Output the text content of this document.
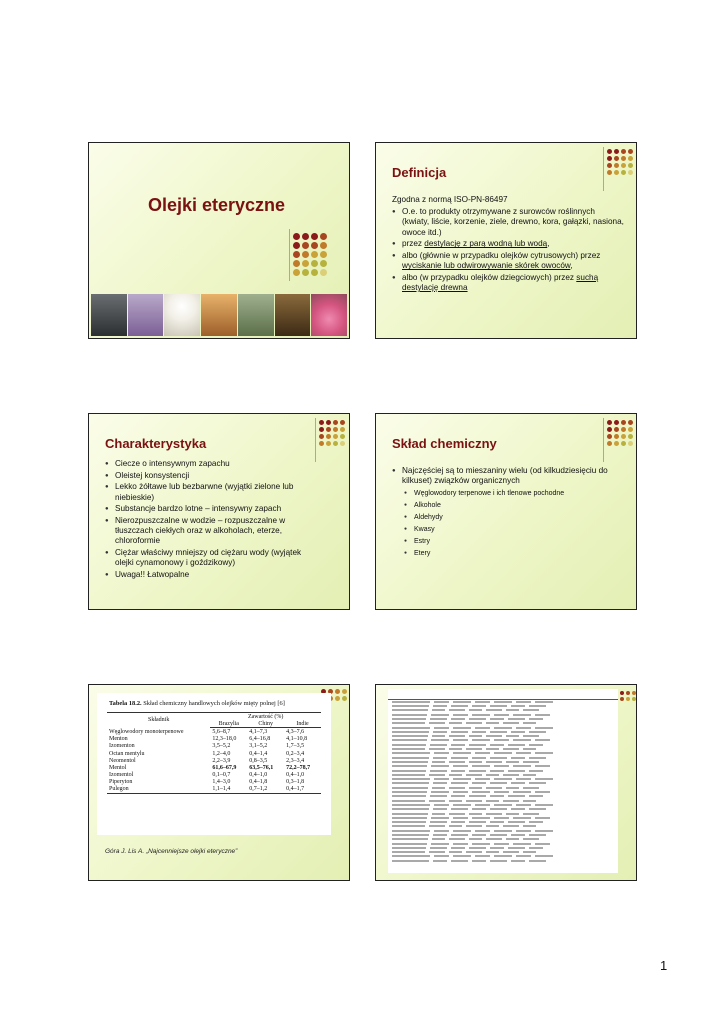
Olejki eteryczne
Definicja
Zgodna z normą ISO-PN-86497
● O.e. to produkty otrzymywane z surowców roślinnych (kwiaty, liście, korzenie, ziele, drewno, kora, gałązki, nasiona, owoce itd.)
● przez destylację z parą wodną lub wodą,
● albo (głównie w przypadku olejków cytrusowych) przez wyciskanie lub odwirowywanie skórek owoców,
● albo (w przypadku olejków dziegciowych) przez suchą destylację drewna
Charakterystyka
● Ciecze o intensywnym zapachu
● Oleistej konsystencji
● Lekko żółtawe lub bezbarwne (wyjątki zielone lub niebieskie)
● Substancje bardzo lotne – intensywny zapach
● Nierozpuszczalne w wodzie – rozpuszczalne w tłuszczach ciekłych oraz w alkoholach, eterze, chloroformie
● Ciężar właściwy mniejszy od ciężaru wody (wyjątek olejki cynamonowy i goździkowy)
● Uwaga!! Łatwopalne
Skład chemiczny
● Najczęściej są to mieszaniny wielu (od kilkudziesięciu do kilkuset) związków organicznych
● Węglowodory terpenowe i ich tlenowe pochodne
● Alkohole
● Aldehydy
● Kwasy
● Estry
● Etery
Tabela 18.2. Skład chemiczny handlowych olejków mięty polnej [6]
Składnik	Zawartość (%)		
	Brazylia	Chiny	Indie
Węglowodory monoterpenowe	5,6–8,7	4,1–7,3	4,3–7,6
Menton	12,3–18,0	6,4–16,8	4,1–10,8
Izomenton	3,5–5,2	3,1–5,2	1,7–3,5
Octan mentylu	1,2–4,0	0,4–1,4	0,2–3,4
Neomentol	2,2–3,9	0,8–3,5	2,3–3,4
Mentol	61,6–67,9	63,5–76,1	72,2–78,7
Izomentol	0,1–0,7	0,4–1,0	0,4–1,0
Piperyton	1,4–3,0	0,4–1,8	0,3–1,8
Pulegon	1,1–1,4	0,7–1,2	0,4–1,7
Góra J. Lis A. „Najcenniejsze olejki eteryczne”
1
